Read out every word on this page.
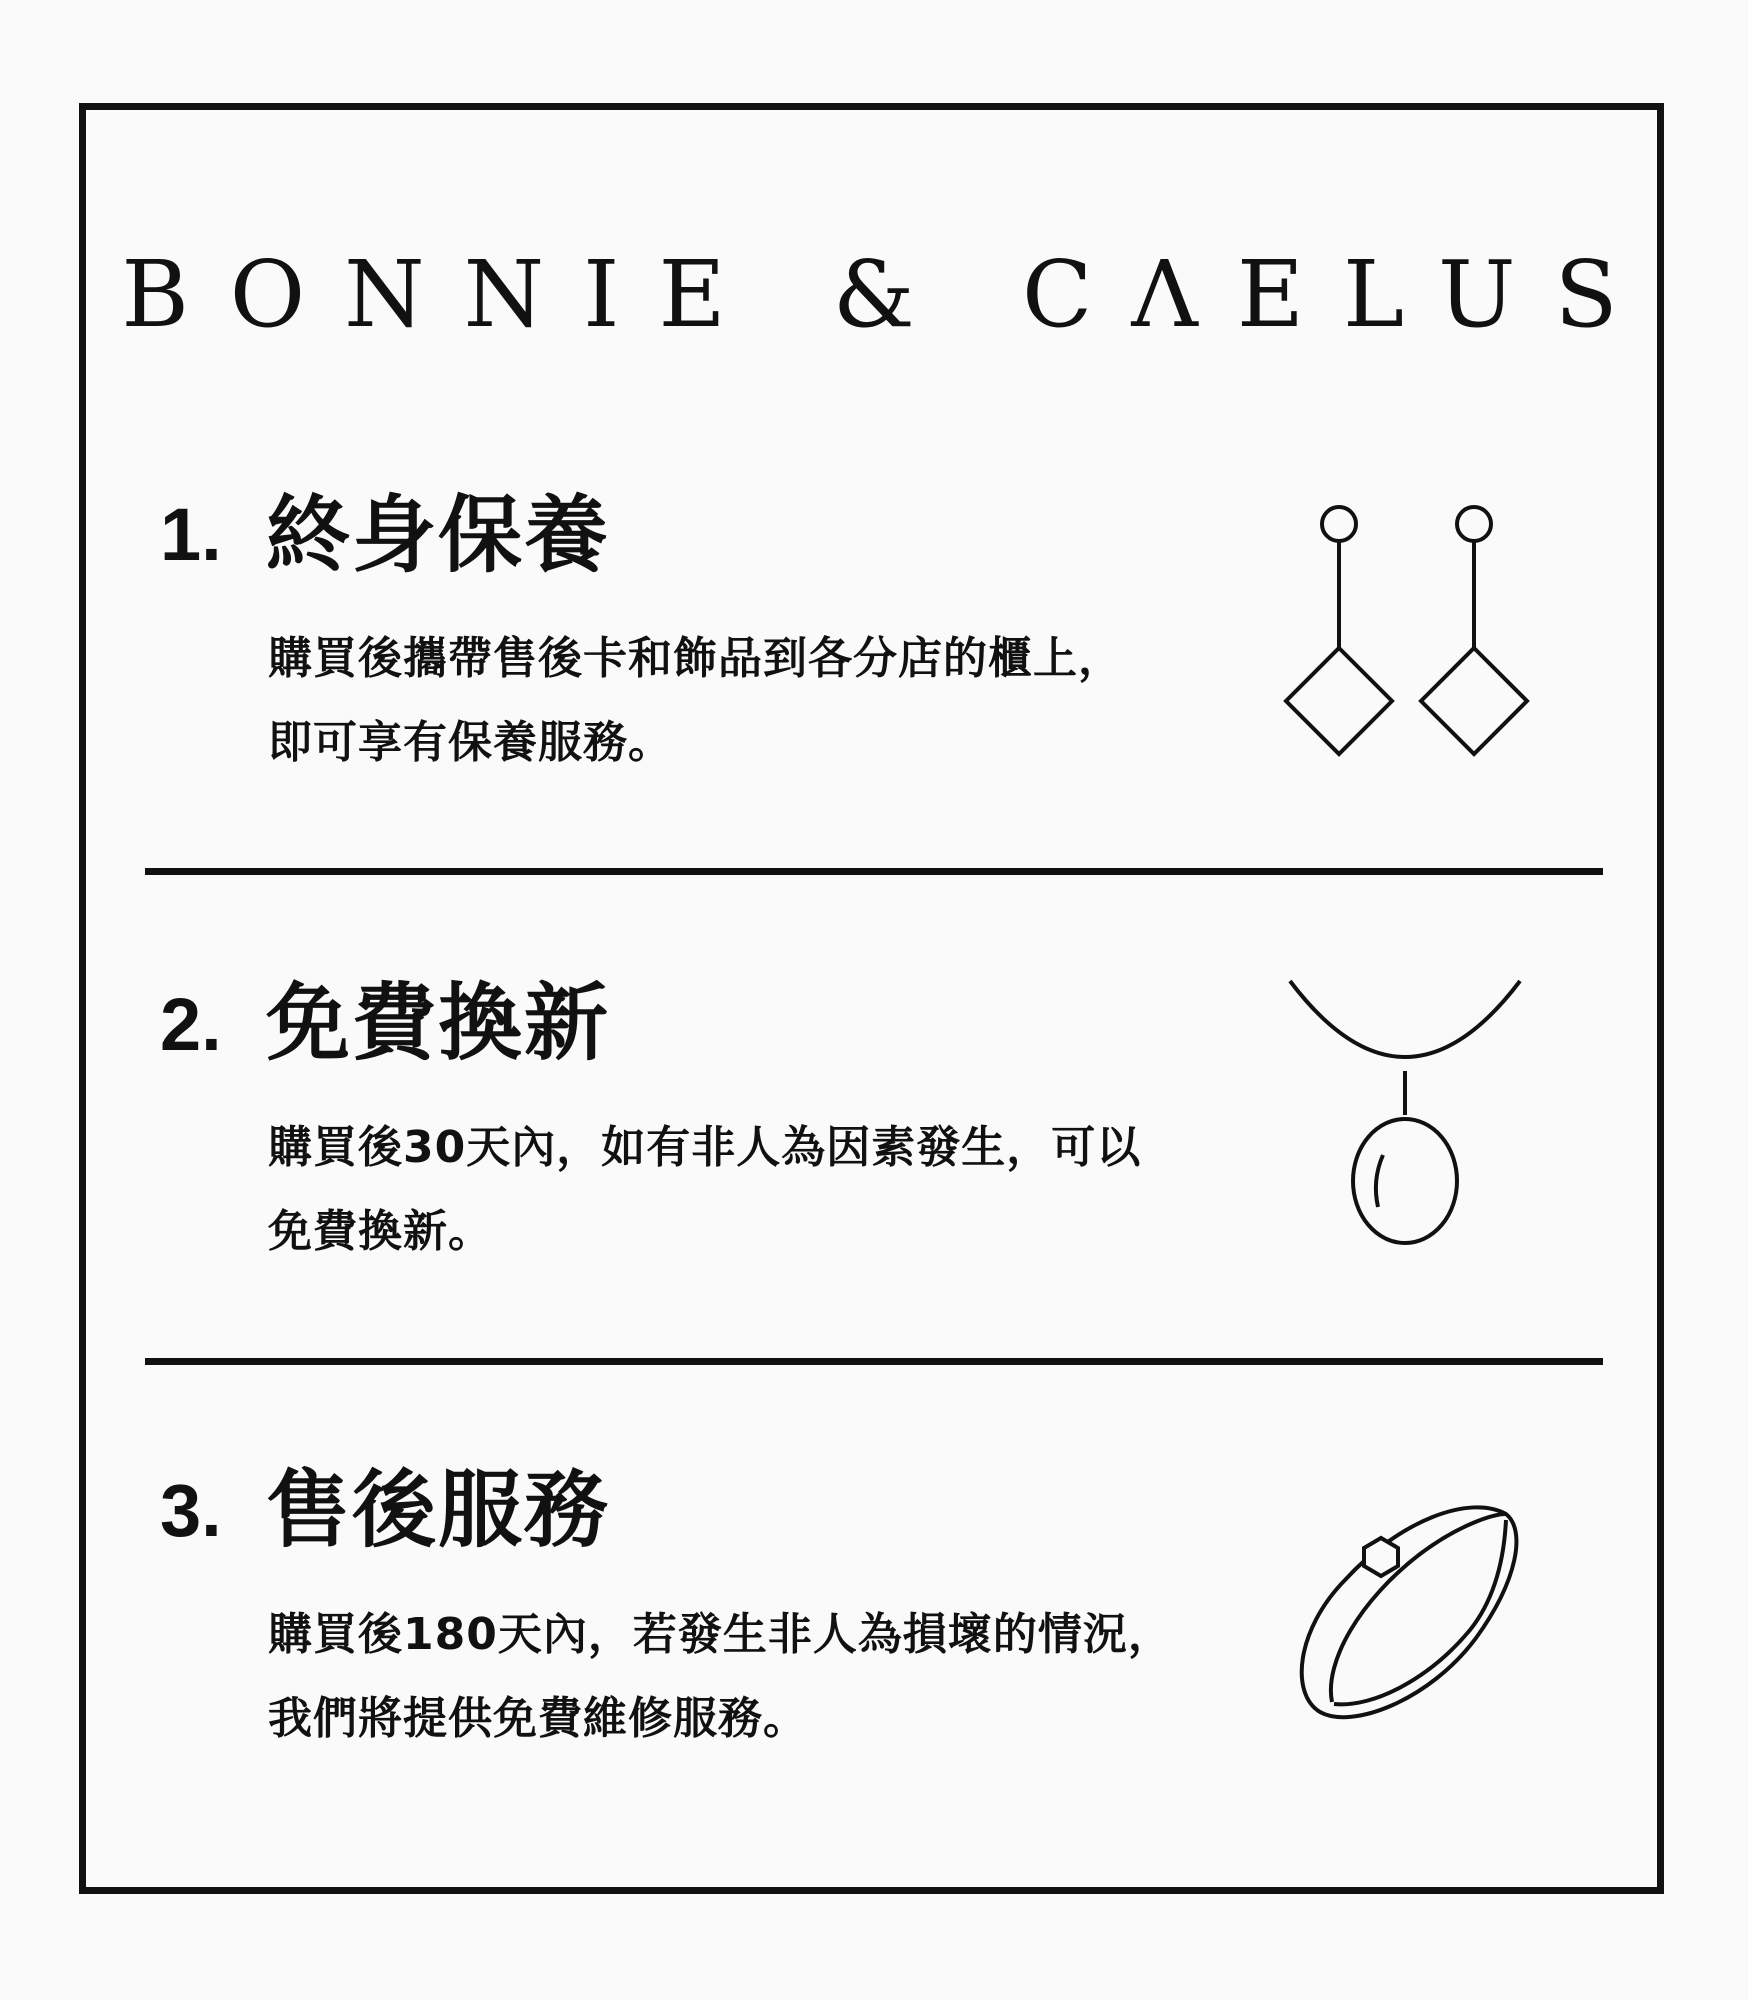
BONNIE & CΛELUS
1. 終身保養
購買後攜帶售後卡和飾品到各分店的櫃上，
即可享有保養服務。
2. 免費換新
購買後30天內，如有非人為因素發生，可以
免費換新。
3. 售後服務
購買後180天內，若發生非人為損壞的情況，
我們將提供免費維修服務。
